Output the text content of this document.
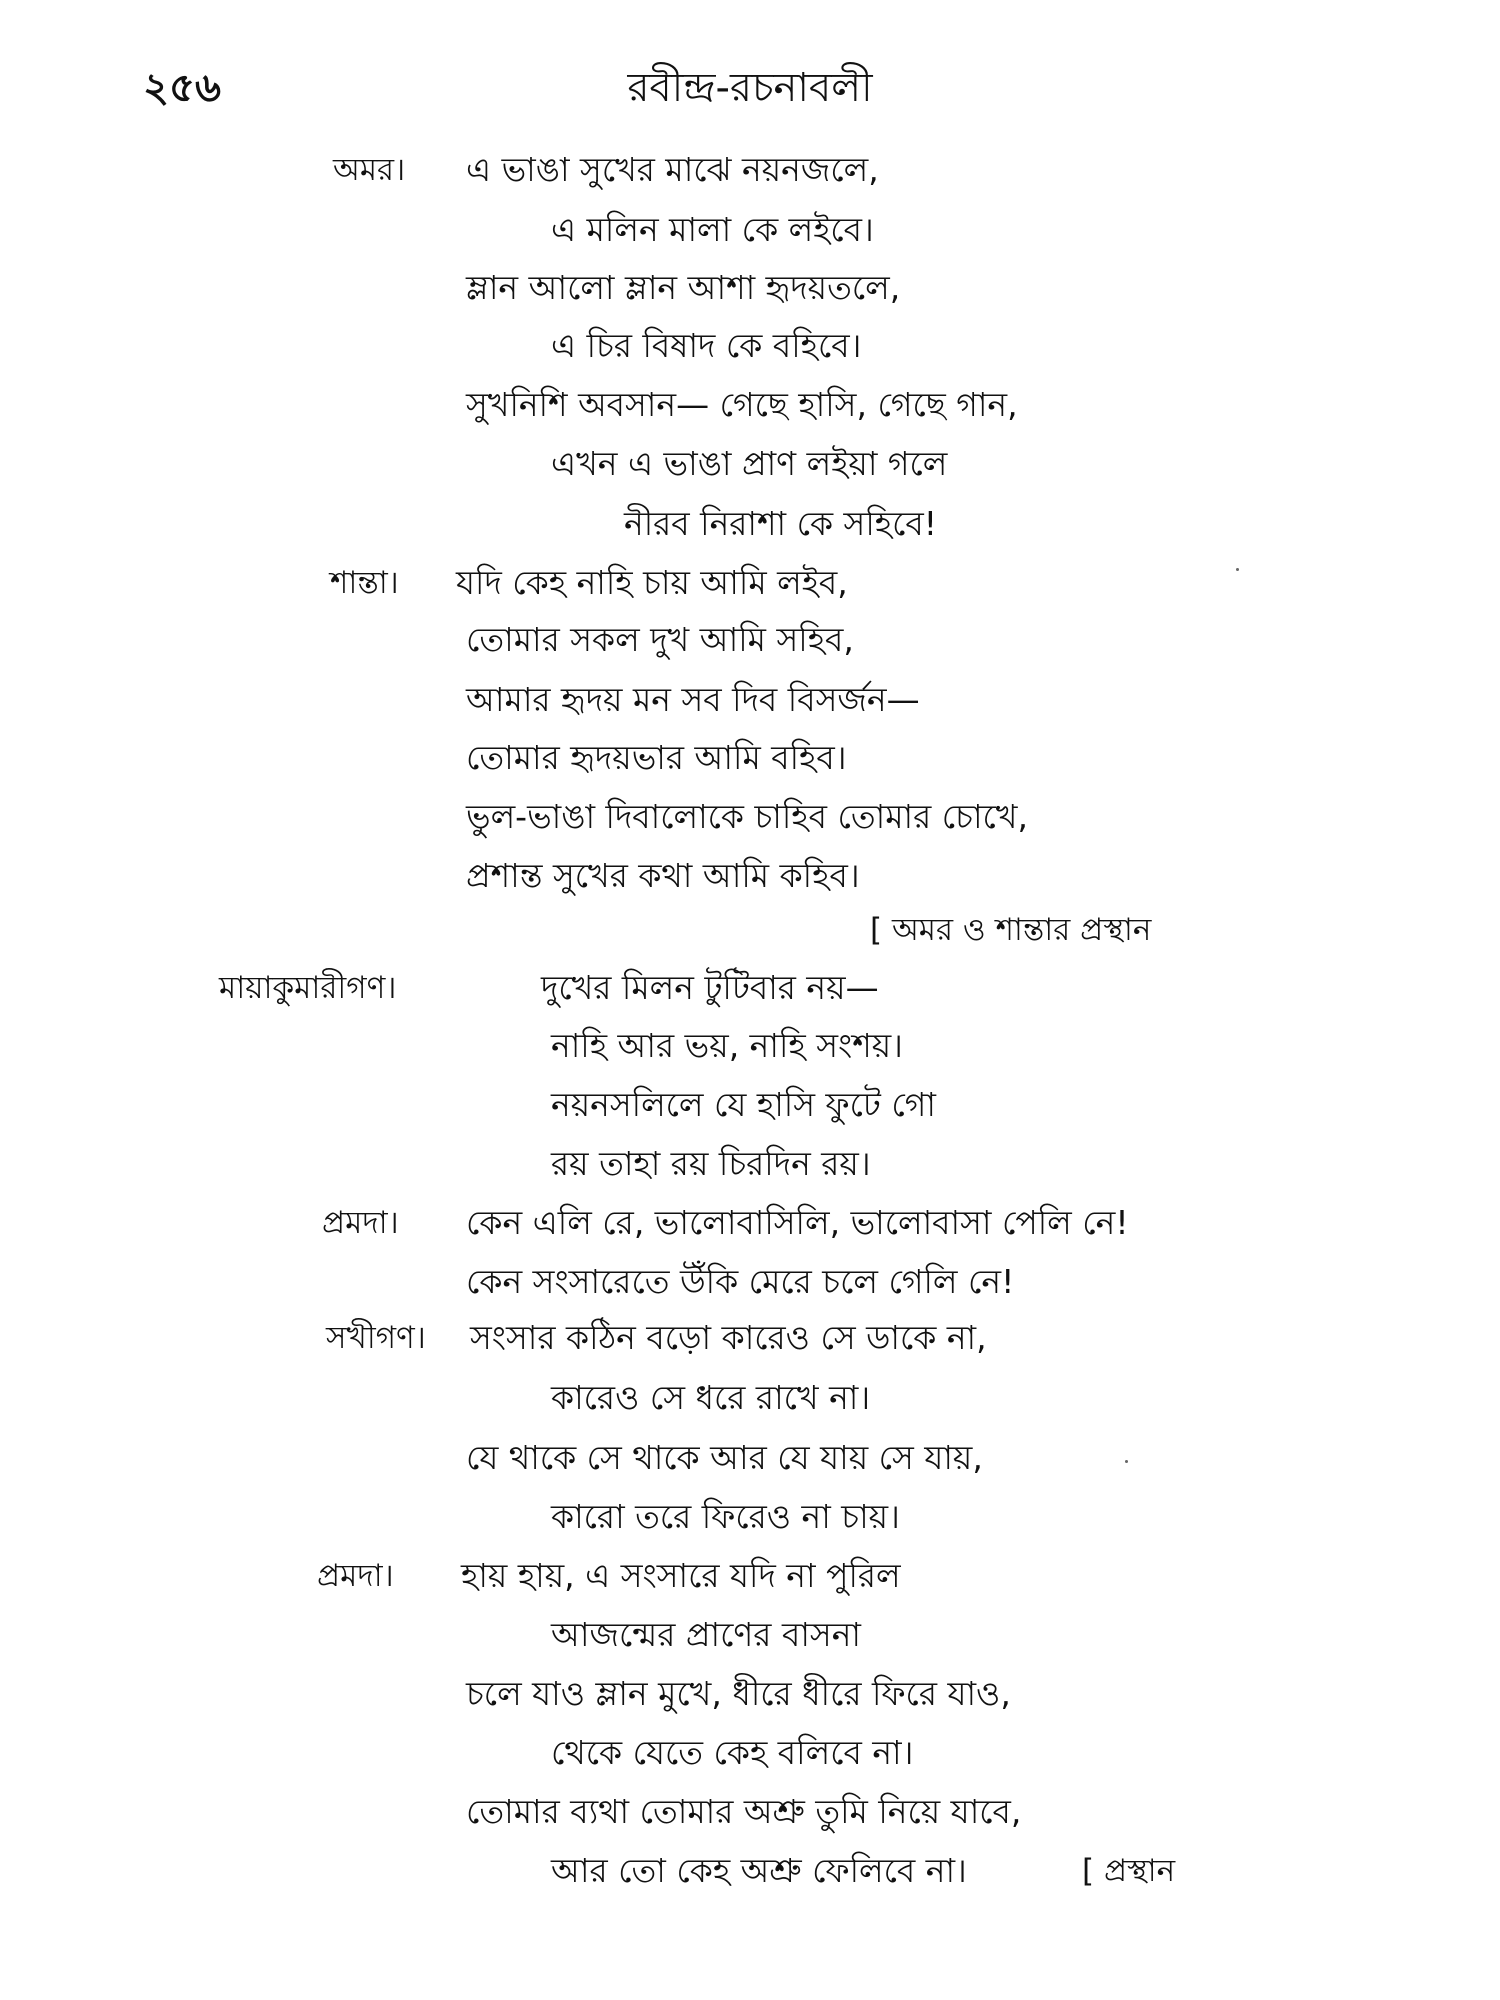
২৫৬	রবীন্দ্র-রচনাবলী
অমর।
শান্তা।
মায়াকুমারীগণ।
প্রমদা।
সখীগণ।
প্রমদা।
এ ভাঙা সুখের মাঝে নয়নজলে,
এ মলিন মালা কে লইবে।
ম্লান আলো ম্লান আশা হৃদয়তলে,
এ চির বিষাদ কে বহিবে।
সুখনিশি অবসান— গেছে হাসি, গেছে গান,
এখন এ ভাঙা প্রাণ লইয়া গলে
নীরব নিরাশা কে সহিবে!
যদি কেহ নাহি চায় আমি লইব,
তোমার সকল দুখ আমি সহিব,
আমার হৃদয় মন সব দিব বিসর্জন—
তোমার হৃদয়ভার আমি বহিব।
ভুল-ভাঙা দিবালোকে চাহিব তোমার চোখে,
প্রশান্ত সুখের কথা আমি কহিব।
দুখের মিলন টুটিবার নয়—
নাহি আর ভয়, নাহি সংশয়।
নয়নসলিলে যে হাসি ফুটে গো
রয় তাহা রয় চিরদিন রয়।
কেন এলি রে, ভালোবাসিলি, ভালোবাসা পেলি নে!
কেন সংসারেতে উঁকি মেরে চলে গেলি নে!
সংসার কঠিন বড়ো কারেও সে ডাকে না,
কারেও সে ধরে রাখে না।
যে থাকে সে থাকে আর যে যায় সে যায়,
কারো তরে ফিরেও না চায়।
হায় হায়, এ সংসারে যদি না পুরিল
আজন্মের প্রাণের বাসনা
চলে যাও ম্লান মুখে, ধীরে ধীরে ফিরে যাও,
থেকে যেতে কেহ বলিবে না।
তোমার ব্যথা তোমার অশ্রু তুমি নিয়ে যাবে,
আর তো কেহ অশ্রু ফেলিবে না।
[ অমর ও শান্তার প্রস্থান
[ প্রস্থান
